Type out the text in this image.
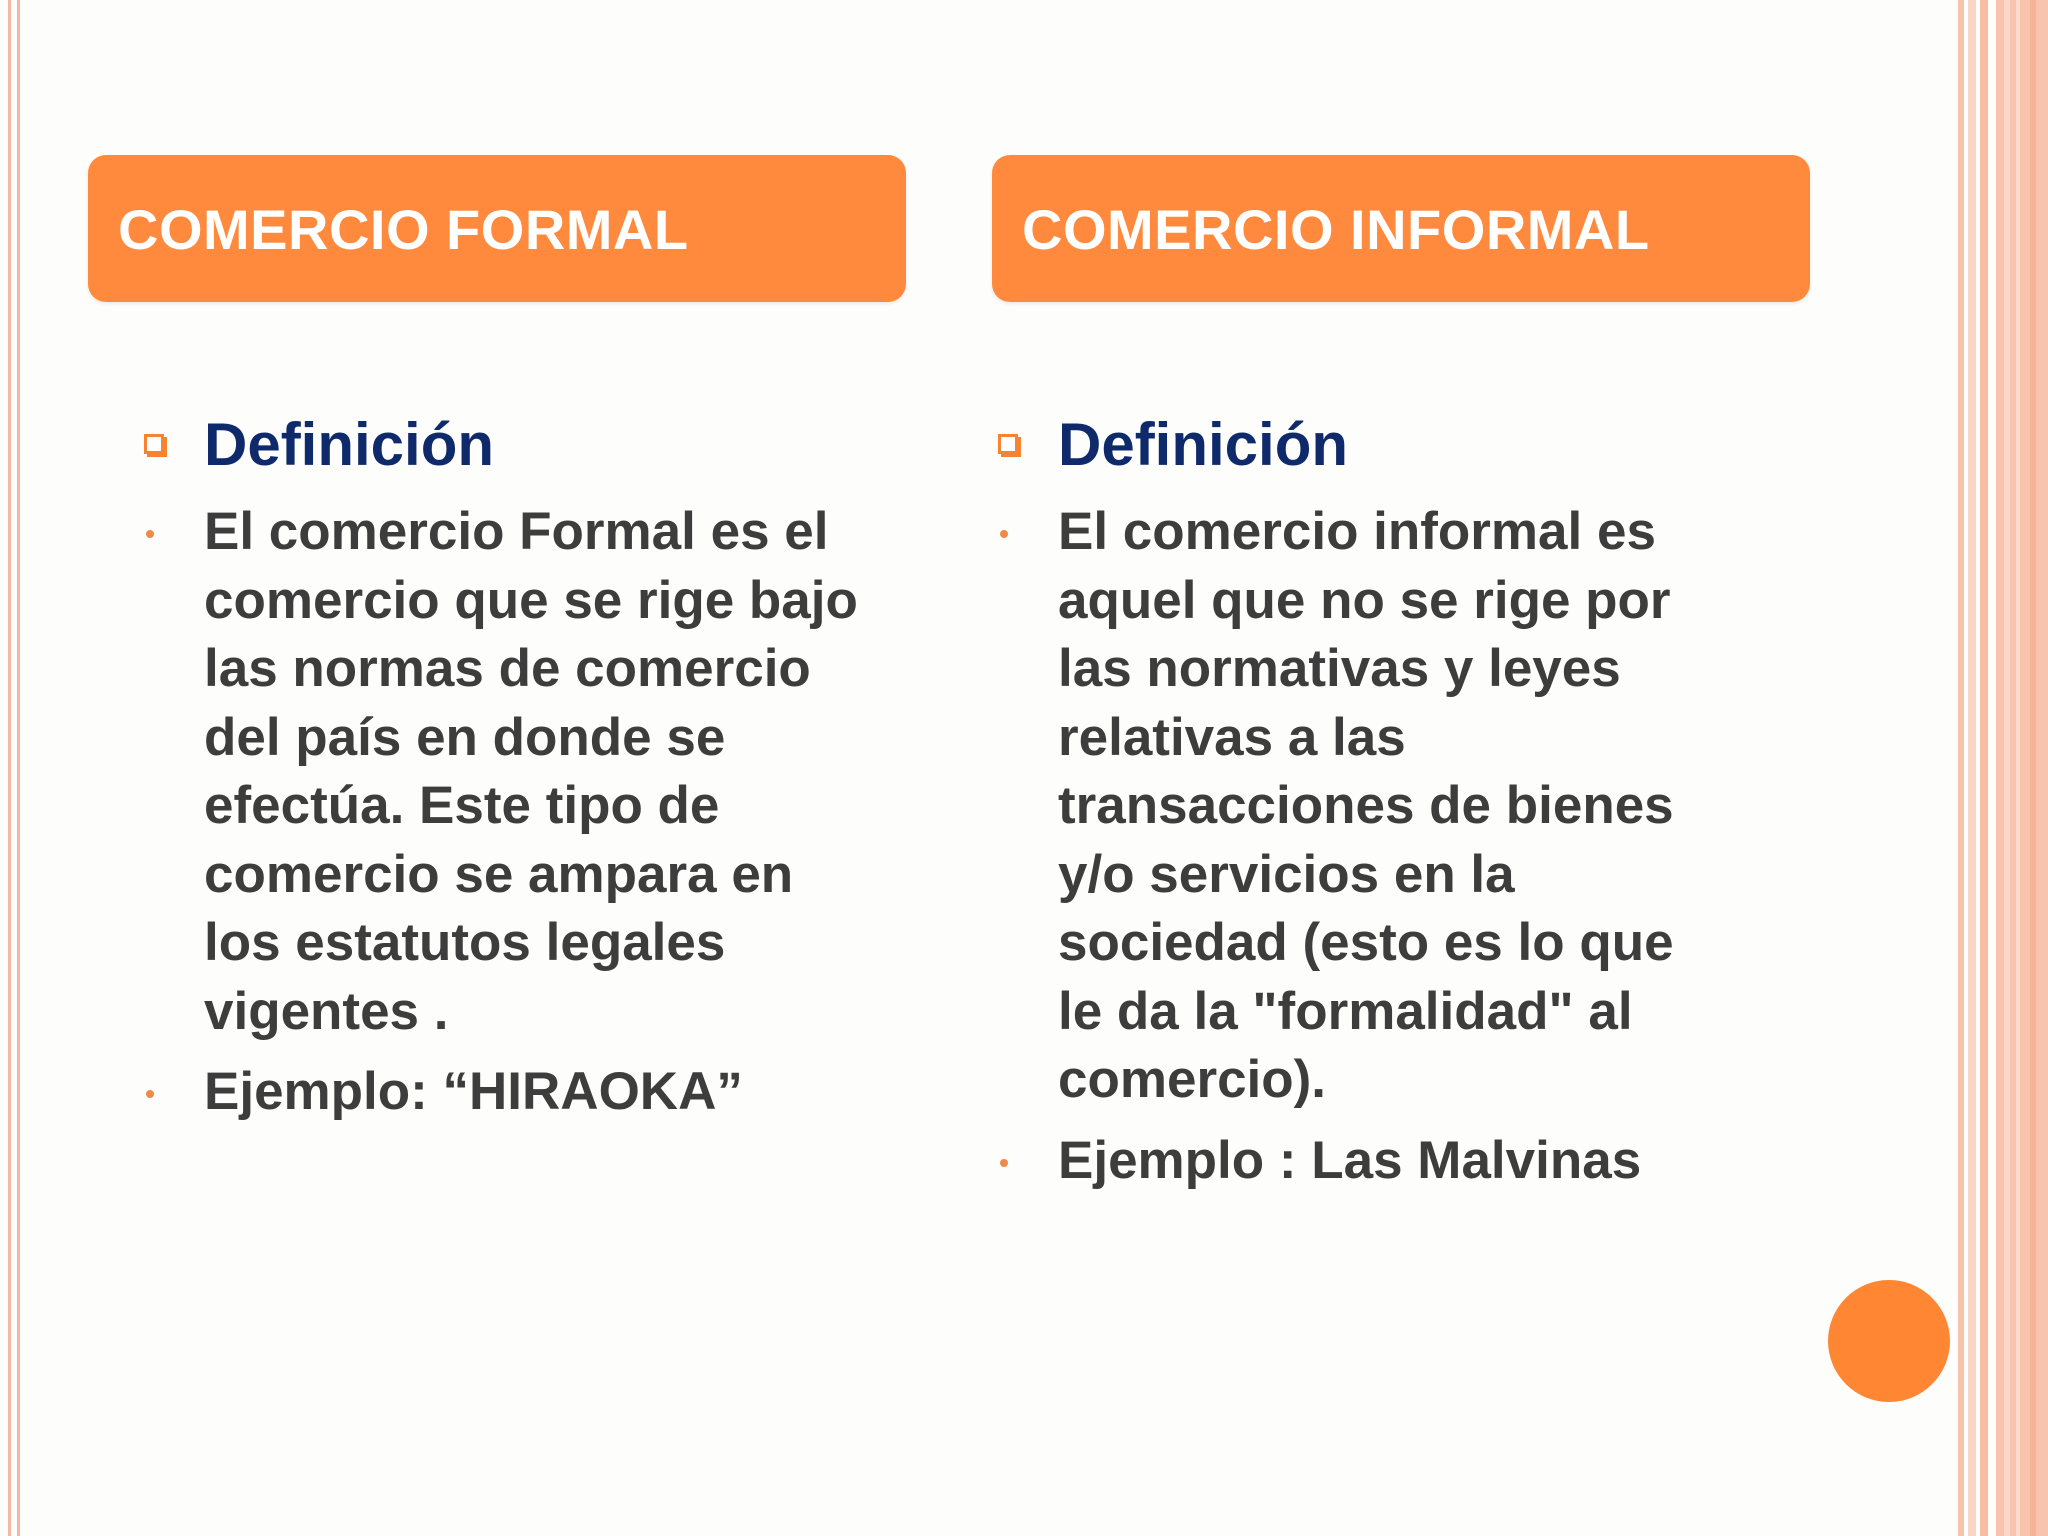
COMERCIO FORMAL	COMERCIO INFORMAL
Definición
El comercio Formal es el
comercio que se rige bajo
las normas de comercio
del país en donde se
efectúa. Este tipo de
comercio se ampara en
los estatutos legales
vigentes .
Ejemplo: “HIRAOKA”
Definición
El comercio informal es
aquel que no se rige por
las normativas y leyes
relativas a las
transacciones de bienes
y/o servicios en la
sociedad (esto es lo que
le da la "formalidad" al
comercio).
Ejemplo : Las Malvinas
